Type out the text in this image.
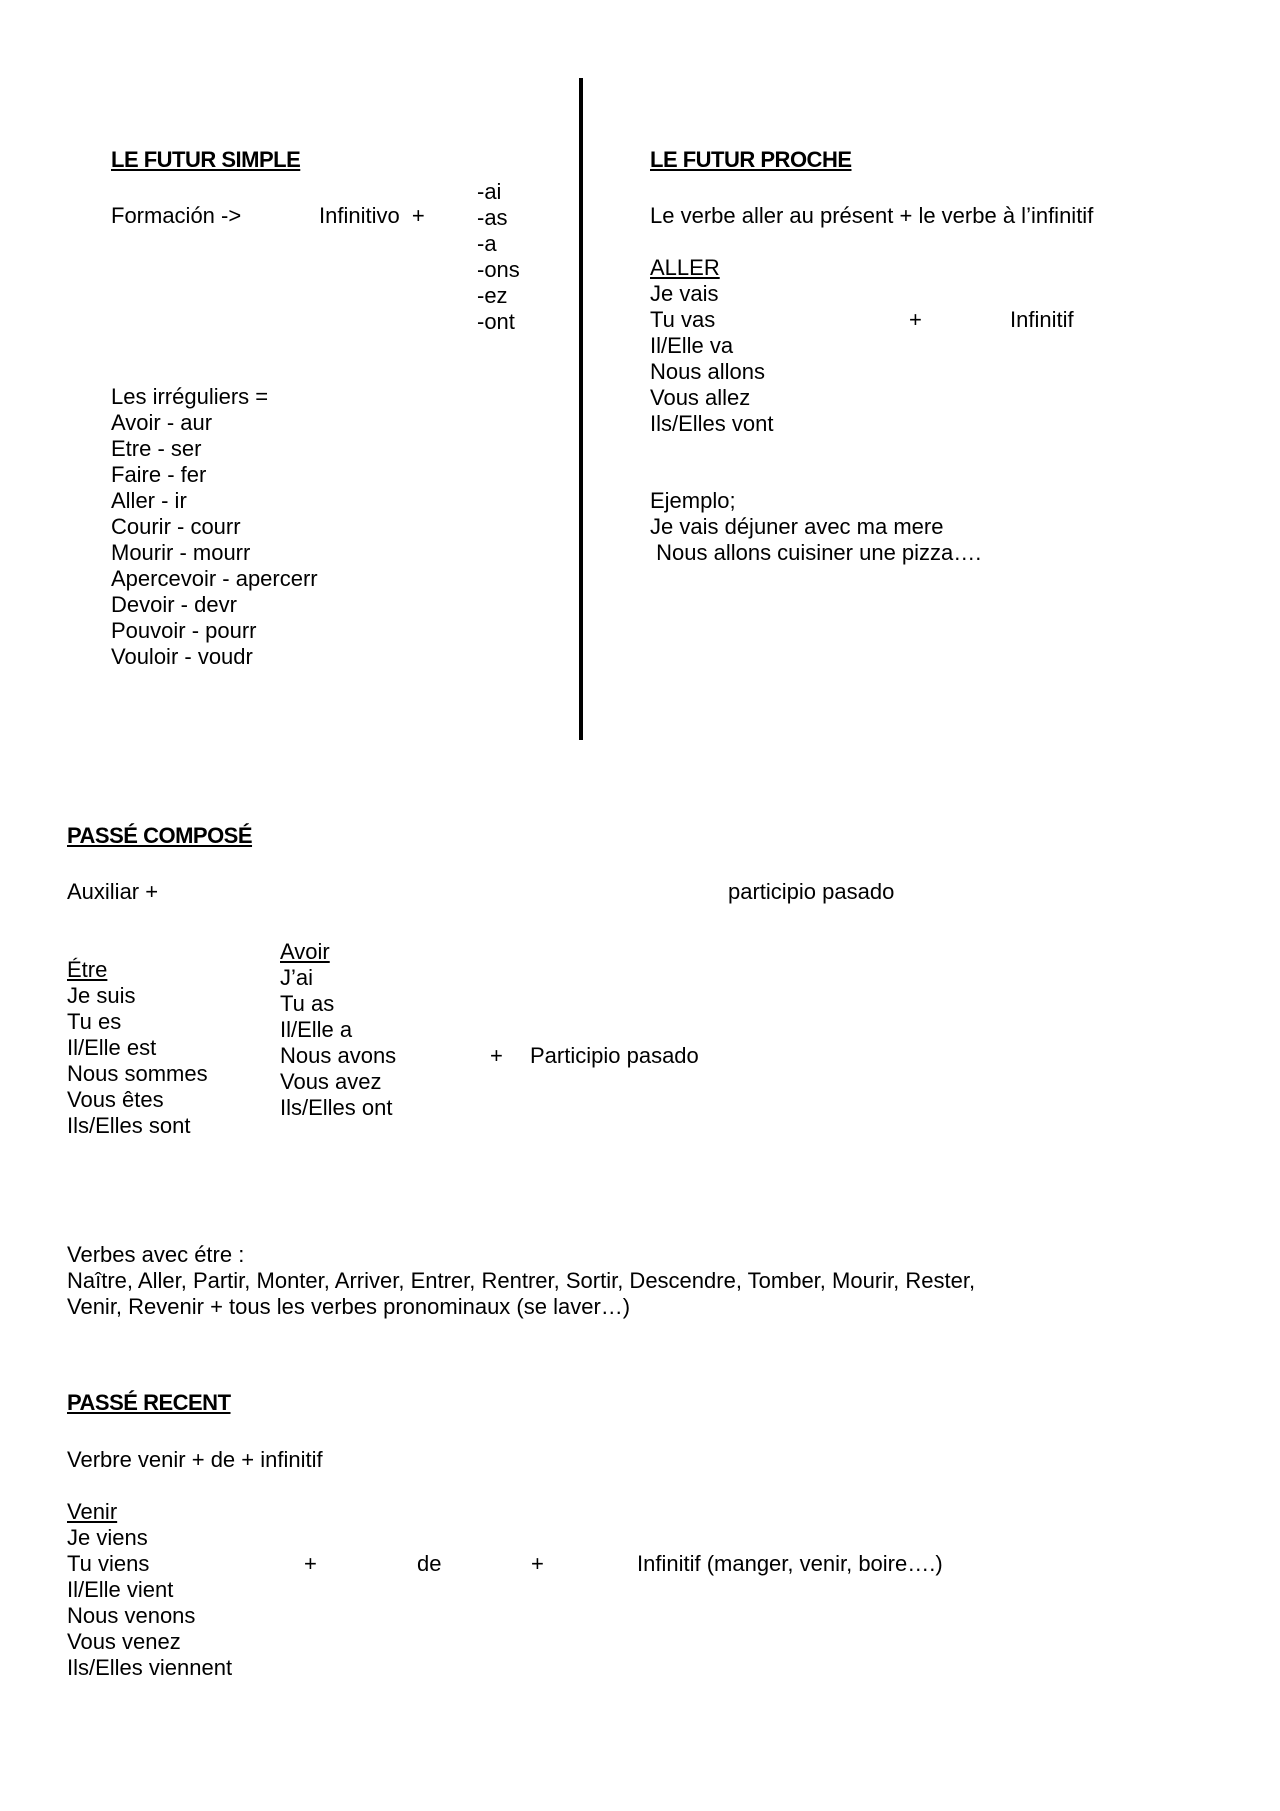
LE FUTUR SIMPLE

Formación ->	Infinitivo  +

-ai
-as
-a
-ons
-ez
-ont

Les irréguliers =

Avoir - aur
Etre - ser
Faire - fer
Aller - ir
Courir - courr
Mourir - mourr
Apercevoir - apercerr
Devoir - devr
Pouvoir - pourr
Vouloir - voudr

LE FUTUR PROCHE

Le verbe aller au présent + le verbe à l’infinitif

ALLER

Je vais
Tu vas
Il/Elle va
Nous allons
Vous allez
Ils/Elles vont

+	Infinitif

Ejemplo;

Je vais déjuner avec ma mere

Nous allons cuisiner une pizza….

PASSÉ COMPOSÉ

Auxiliar +	participio pasado

Étre

Je suis
Tu es
Il/Elle est
Nous sommes
Vous êtes
Ils/Elles sont

Avoir

J’ai
Tu as
Il/Elle a
Nous avons
Vous avez
Ils/Elles ont

+ Participio pasado

Verbes avec étre :

Naître, Aller, Partir, Monter, Arriver, Entrer, Rentrer, Sortir, Descendre, Tomber, Mourir, Rester,

Venir, Revenir + tous les verbes pronominaux (se laver…)

PASSÉ RECENT

Verbre venir + de + infinitif

Venir

Je viens
Tu viens
Il/Elle vient
Nous venons
Vous venez
Ils/Elles viennent

+	de	+	Infinitif (manger, venir, boire….)
